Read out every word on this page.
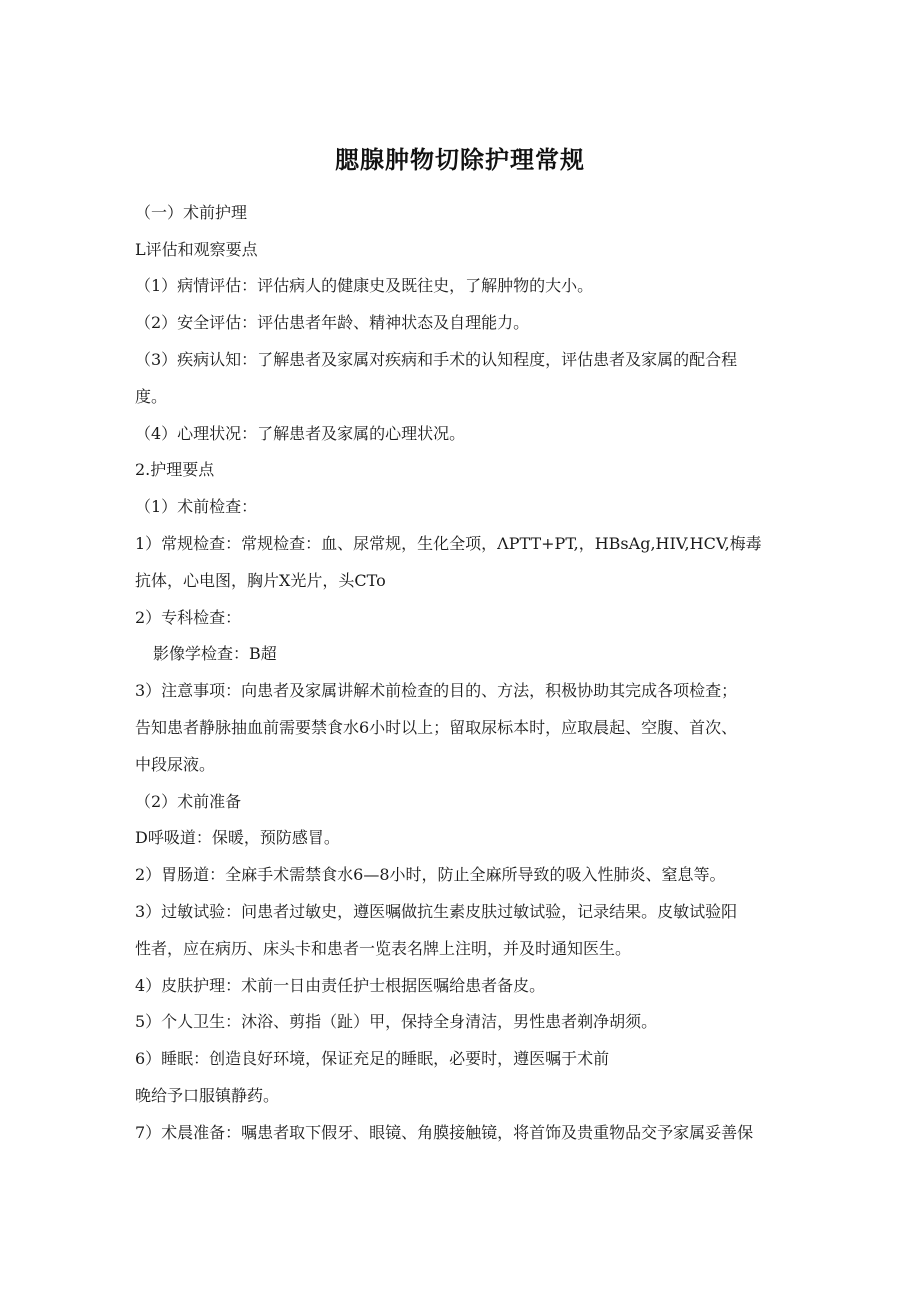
腮腺肿物切除护理常规
（一）术前护理
L评估和观察要点
（1）病情评估：评估病人的健康史及既往史，了解肿物的大小。
（2）安全评估：评估患者年龄、精神状态及自理能力。
（3）疾病认知：了解患者及家属对疾病和手术的认知程度，评估患者及家属的配合程
度。
（4）心理状况：了解患者及家属的心理状况。
2.护理要点
（1）术前检查：
1）常规检查：常规检查：血、尿常规，生化全项，ΛPTT+PT,，HBsAg,HIV,HCV,梅毒
抗体，心电图，胸片X光片，头CTo
2）专科检查：
影像学检查：B超
3）注意事项：向患者及家属讲解术前检查的目的、方法，积极协助其完成各项检查；
告知患者静脉抽血前需要禁食水6小时以上；留取尿标本时，应取晨起、空腹、首次、
中段尿液。
（2）术前准备
D呼吸道：保暖，预防感冒。
2）胃肠道：全麻手术需禁食水6—8小时，防止全麻所导致的吸入性肺炎、窒息等。
3）过敏试验：问患者过敏史，遵医嘱做抗生素皮肤过敏试验，记录结果。皮敏试验阳
性者，应在病历、床头卡和患者一览表名牌上注明，并及时通知医生。
4）皮肤护理：术前一日由责任护士根据医嘱给患者备皮。
5）个人卫生：沐浴、剪指（趾）甲，保持全身清洁，男性患者剃净胡须。
6）睡眠：创造良好环境，保证充足的睡眠，必要时，遵医嘱于术前
晚给予口服镇静药。
7）术晨准备：嘱患者取下假牙、眼镜、角膜接触镜，将首饰及贵重物品交予家属妥善保
